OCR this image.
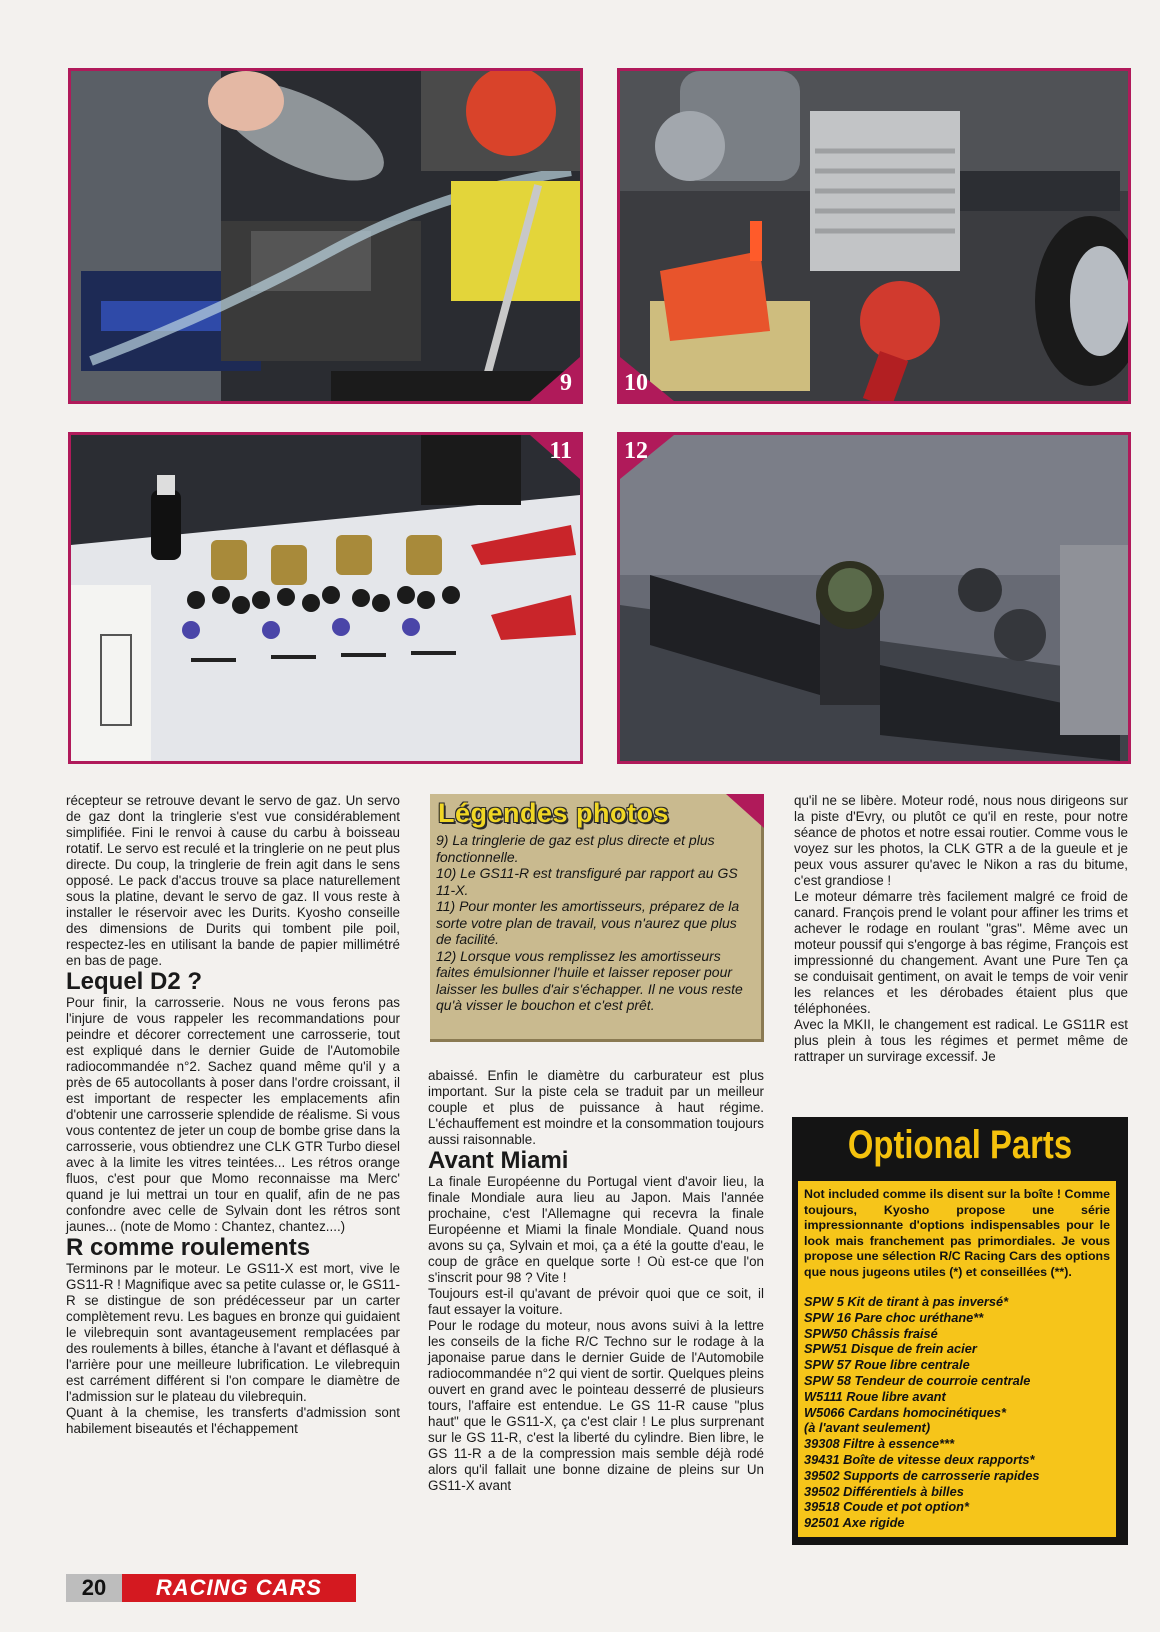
9 10
11 12

récepteur se retrouve devant le servo de gaz. Un servo de gaz dont la tringlerie s'est vue considérablement simplifiée. Fini le renvoi à cause du carbu à boisseau rotatif. Le servo est reculé et la tringlerie on ne peut plus directe. Du coup, la tringlerie de frein agit dans le sens opposé. Le pack d'accus trouve sa place naturellement sous la platine, devant le servo de gaz. Il vous reste à installer le réservoir avec les Durits. Kyosho conseille des dimensions de Durits qui tombent pile poil, respectez-les en utilisant la bande de papier millimétré en bas de page.

Lequel D2 ?

Pour finir, la carrosserie. Nous ne vous ferons pas l'injure de vous rappeler les recommandations pour peindre et décorer correctement une carrosserie, tout est expliqué dans le dernier Guide de l'Automobile radiocommandée n°2. Sachez quand même qu'il y a près de 65 autocollants à poser dans l'ordre croissant, il est important de respecter les emplacements afin d'obtenir une carrosserie splendide de réalisme. Si vous vous contentez de jeter un coup de bombe grise dans la carrosserie, vous obtiendrez une CLK GTR Turbo diesel avec à la limite les vitres teintées... Les rétros orange fluos, c'est pour que Momo reconnaisse ma Merc' quand je lui mettrai un tour en qualif, afin de ne pas confondre avec celle de Sylvain dont les rétros sont jaunes... (note de Momo : Chantez, chantez....)

R comme roulements

Terminons par le moteur. Le GS11-X est mort, vive le GS11-R ! Magnifique avec sa petite culasse or, le GS11-R se distingue de son prédécesseur par un carter complètement revu. Les bagues en bronze qui guidaient le vilebrequin sont avantageusement remplacées par des roulements à billes, étanche à l'avant et déflasqué à l'arrière pour une meilleure lubrification. Le vilebrequin est carrément différent si l'on compare le diamètre de l'admission sur le plateau du vilebrequin.

Quant à la chemise, les transferts d'admission sont habilement biseautés et l'échappement

Légendes photos

9) La tringlerie de gaz est plus directe et plus fonctionnelle.

10) Le GS11-R est transfiguré par rapport au GS 11-X.

11) Pour monter les amortisseurs, préparez de la sorte votre plan de travail, vous n'aurez que plus de facilité.

12) Lorsque vous remplissez les amortisseurs faites émulsionner l'huile et laisser reposer pour laisser les bulles d'air s'échapper. Il ne vous reste qu'à visser le bouchon et c'est prêt.

abaissé. Enfin le diamètre du carburateur est plus important. Sur la piste cela se traduit par un meilleur couple et plus de puissance à haut régime. L'échauffement est moindre et la consommation toujours aussi raisonnable.

Avant Miami

La finale Européenne du Portugal vient d'avoir lieu, la finale Mondiale aura lieu au Japon. Mais l'année prochaine, c'est l'Allemagne qui recevra la finale Européenne et Miami la finale Mondiale. Quand nous avons su ça, Sylvain et moi, ça a été la goutte d'eau, le coup de grâce en quelque sorte ! Où est-ce que l'on s'inscrit pour 98 ? Vite !

Toujours est-il qu'avant de prévoir quoi que ce soit, il faut essayer la voiture.

Pour le rodage du moteur, nous avons suivi à la lettre les conseils de la fiche R/C Techno sur le rodage à la japonaise parue dans le dernier Guide de l'Automobile radiocommandée n°2 qui vient de sortir. Quelques pleins ouvert en grand avec le pointeau desserré de plusieurs tours, l'affaire est entendue. Le GS 11-R cause "plus haut" que le GS11-X, ça c'est clair ! Le plus surprenant sur le GS 11-R, c'est la liberté du cylindre. Bien libre, le GS 11-R a de la compression mais semble déjà rodé alors qu'il fallait une bonne dizaine de pleins sur Un GS11-X avant

qu'il ne se libère. Moteur rodé, nous nous dirigeons sur la piste d'Evry, ou plutôt ce qu'il en reste, pour notre séance de photos et notre essai routier. Comme vous le voyez sur les photos, la CLK GTR a de la gueule et je peux vous assurer qu'avec le Nikon a ras du bitume, c'est grandiose !

Le moteur démarre très facilement malgré ce froid de canard. François prend le volant pour affiner les trims et achever le rodage en roulant "gras". Même avec un moteur poussif qui s'engorge à bas régime, François est impressionné du changement. Avant une Pure Ten ça se conduisait gentiment, on avait le temps de voir venir les relances et les dérobades étaient plus que téléphonées.

Avec la MKII, le changement est radical. Le GS11R est plus plein à tous les régimes et permet même de rattraper un survirage excessif. Je

Optional Parts
Not included comme ils disent sur la boîte ! Comme toujours, Kyosho propose une série impressionnante d'options indispensables pour le look mais franchement pas primordiales. Je vous propose une sélection R/C Racing Cars des options que nous jugeons utiles (*) et conseillées (**).
SPW 5 Kit de tirant à pas inversé*
SPW 16 Pare choc uréthane**
SPW50 Châssis fraisé
SPW51 Disque de frein acier
SPW 57 Roue libre centrale
SPW 58 Tendeur de courroie centrale
W5111 Roue libre avant
W5066 Cardans homocinétiques*
(à l'avant seulement)
39308 Filtre à essence***
39431 Boîte de vitesse deux rapports*
39502 Supports de carrosserie rapides
39502 Différentiels à billes
39518 Coude et pot option*
92501 Axe rigide
20	RACING CARS
